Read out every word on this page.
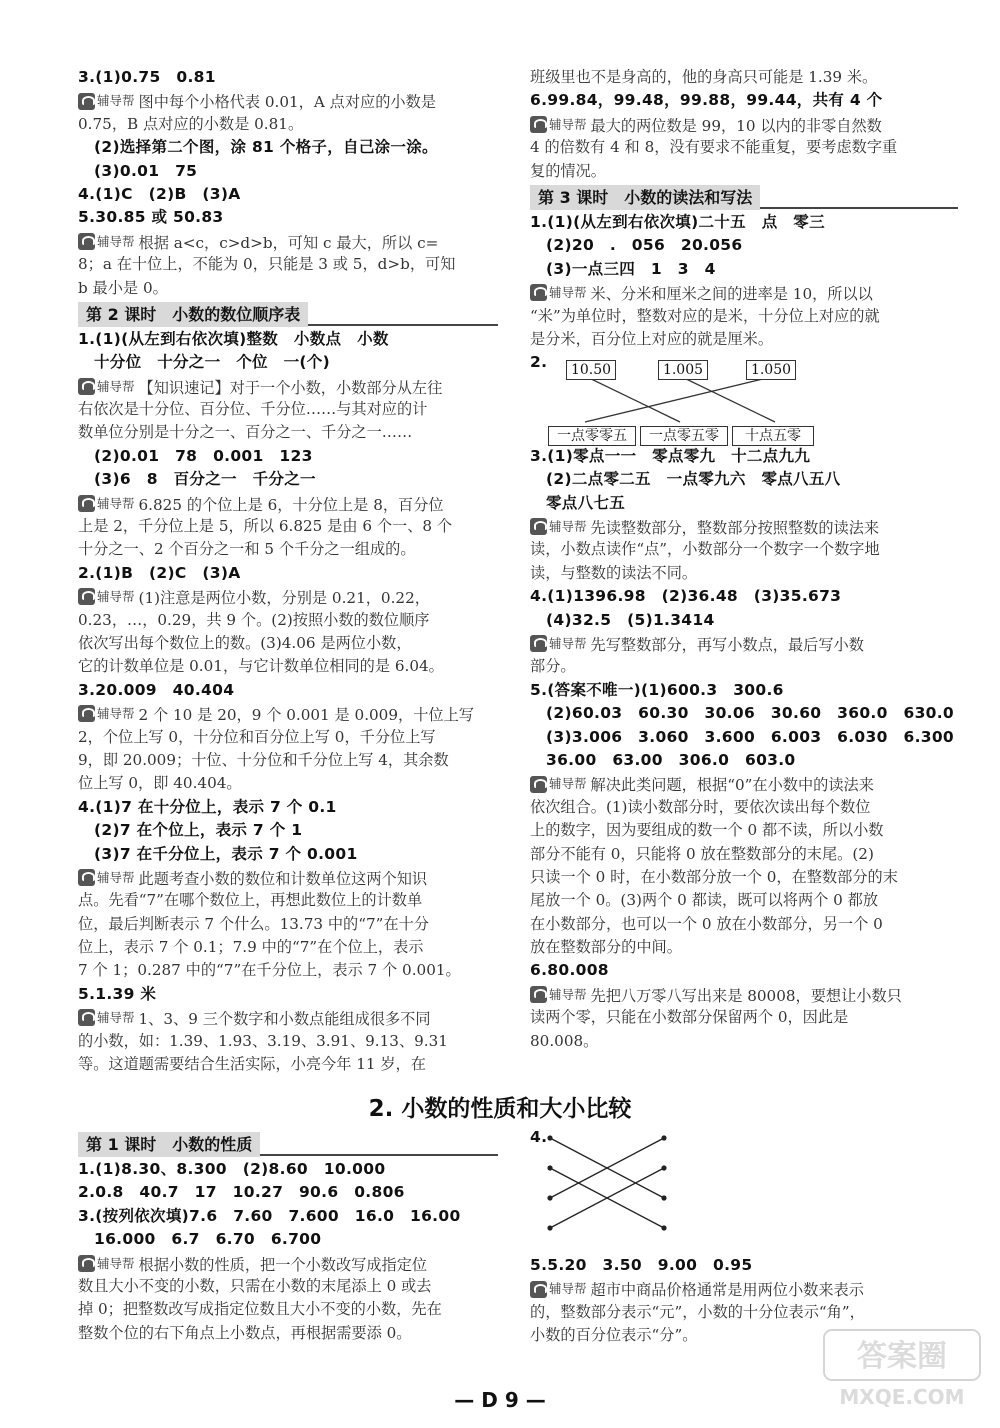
3.(1)0.75　0.81
辅导帮 图中每个小格代表 0.01，A 点对应的小数是
0.75，B 点对应的小数是 0.81。
(2)选择第二个图，涂 81 个格子，自己涂一涂。
(3)0.01　75
4.(1)C　(2)B　(3)A
5.30.85 或 50.83
辅导帮 根据 a<c，c>d>b，可知 c 最大，所以 c=
8；a 在十位上，不能为 0，只能是 3 或 5，d>b，可知
b 最小是 0。
第 2 课时　小数的数位顺序表
1.(1)(从左到右依次填)整数　小数点　小数
十分位　十分之一　个位　一(个)
辅导帮 【知识速记】对于一个小数，小数部分从左往
右依次是十分位、百分位、千分位……与其对应的计
数单位分别是十分之一、百分之一、千分之一……
(2)0.01　78　0.001　123
(3)6　8　百分之一　千分之一
辅导帮 6.825 的个位上是 6，十分位上是 8，百分位
上是 2，千分位上是 5，所以 6.825 是由 6 个一、8 个
十分之一、2 个百分之一和 5 个千分之一组成的。
2.(1)B　(2)C　(3)A
辅导帮 (1)注意是两位小数，分别是 0.21，0.22，
0.23，…，0.29，共 9 个。(2)按照小数的数位顺序
依次写出每个数位上的数。(3)4.06 是两位小数，
它的计数单位是 0.01，与它计数单位相同的是 6.04。
3.20.009　40.404
辅导帮 2 个 10 是 20，9 个 0.001 是 0.009，十位上写
2，个位上写 0，十分位和百分位上写 0，千分位上写
9，即 20.009；十位、十分位和千分位上写 4，其余数
位上写 0，即 40.404。
4.(1)7 在十分位上，表示 7 个 0.1
(2)7 在个位上，表示 7 个 1
(3)7 在千分位上，表示 7 个 0.001
辅导帮 此题考查小数的数位和计数单位这两个知识
点。先看“7”在哪个数位上，再想此数位上的计数单
位，最后判断表示 7 个什么。13.73 中的“7”在十分
位上，表示 7 个 0.1；7.9 中的“7”在个位上，表示
7 个 1；0.287 中的“7”在千分位上，表示 7 个 0.001。
5.1.39 米
辅导帮 1、3、9 三个数字和小数点能组成很多不同
的小数，如：1.39、1.93、3.19、3.91、9.13、9.31
等。这道题需要结合生活实际，小亮今年 11 岁，在
班级里也不是身高的，他的身高只可能是 1.39 米。
6.99.84，99.48，99.88，99.44，共有 4 个
辅导帮 最大的两位数是 99，10 以内的非零自然数
4 的倍数有 4 和 8，没有要求不能重复，要考虑数字重
复的情况。
第 3 课时　小数的读法和写法
1.(1)(从左到右依次填)二十五　点　零三
(2)20　.　056　20.056
(3)一点三四　1　3　4
辅导帮 米、分米和厘米之间的进率是 10，所以以
“米”为单位时，整数对应的是米，十分位上对应的就
是分米，百分位上对应的就是厘米。
2.
3.(1)零点一一　零点零九　十二点九九
(2)二点零二五　一点零九六　零点八五八
零点八七五
辅导帮 先读整数部分，整数部分按照整数的读法来
读，小数点读作“点”，小数部分一个数字一个数字地
读，与整数的读法不同。
4.(1)1396.98　(2)36.48　(3)35.673
(4)32.5　(5)1.3414
辅导帮 先写整数部分，再写小数点，最后写小数
部分。
5.(答案不唯一)(1)600.3　300.6
(2)60.03　60.30　30.06　30.60　360.0　630.0
(3)3.006　3.060　3.600　6.003　6.030　6.300
36.00　63.00　306.0　603.0
辅导帮 解决此类问题，根据“0”在小数中的读法来
依次组合。(1)读小数部分时，要依次读出每个数位
上的数字，因为要组成的数一个 0 都不读，所以小数
部分不能有 0，只能将 0 放在整数部分的末尾。(2)
只读一个 0 时，在小数部分放一个 0，在整数部分的末
尾放一个 0。(3)两个 0 都读，既可以将两个 0 都放
在小数部分，也可以一个 0 放在小数部分，另一个 0
放在整数部分的中间。
6.80.008
辅导帮 先把八万零八写出来是 80008，要想让小数只
读两个零，只能在小数部分保留两个 0，因此是
80.008。
10.50	1.005	1.050
一点零零五	一点零五零	十点五零
2. 小数的性质和大小比较
第 1 课时　小数的性质
1.(1)8.30、8.300　(2)8.60　10.000
2.0.8　40.7　17　10.27　90.6　0.806
3.(按列依次填)7.6　7.60　7.600　16.0　16.00
16.000　6.7　6.70　6.700
辅导帮 根据小数的性质，把一个小数改写成指定位
数且大小不变的小数，只需在小数的末尾添上 0 或去
掉 0；把整数改写成指定位数且大小不变的小数，先在
整数个位的右下角点上小数点，再根据需要添 0。
4.
5.5.20　3.50　9.00　0.95
辅导帮 超市中商品价格通常是用两位小数来表示
的，整数部分表示“元”，小数的十分位表示“角”，
小数的百分位表示“分”。
— D 9 —
答案圈
MXQE.COM
